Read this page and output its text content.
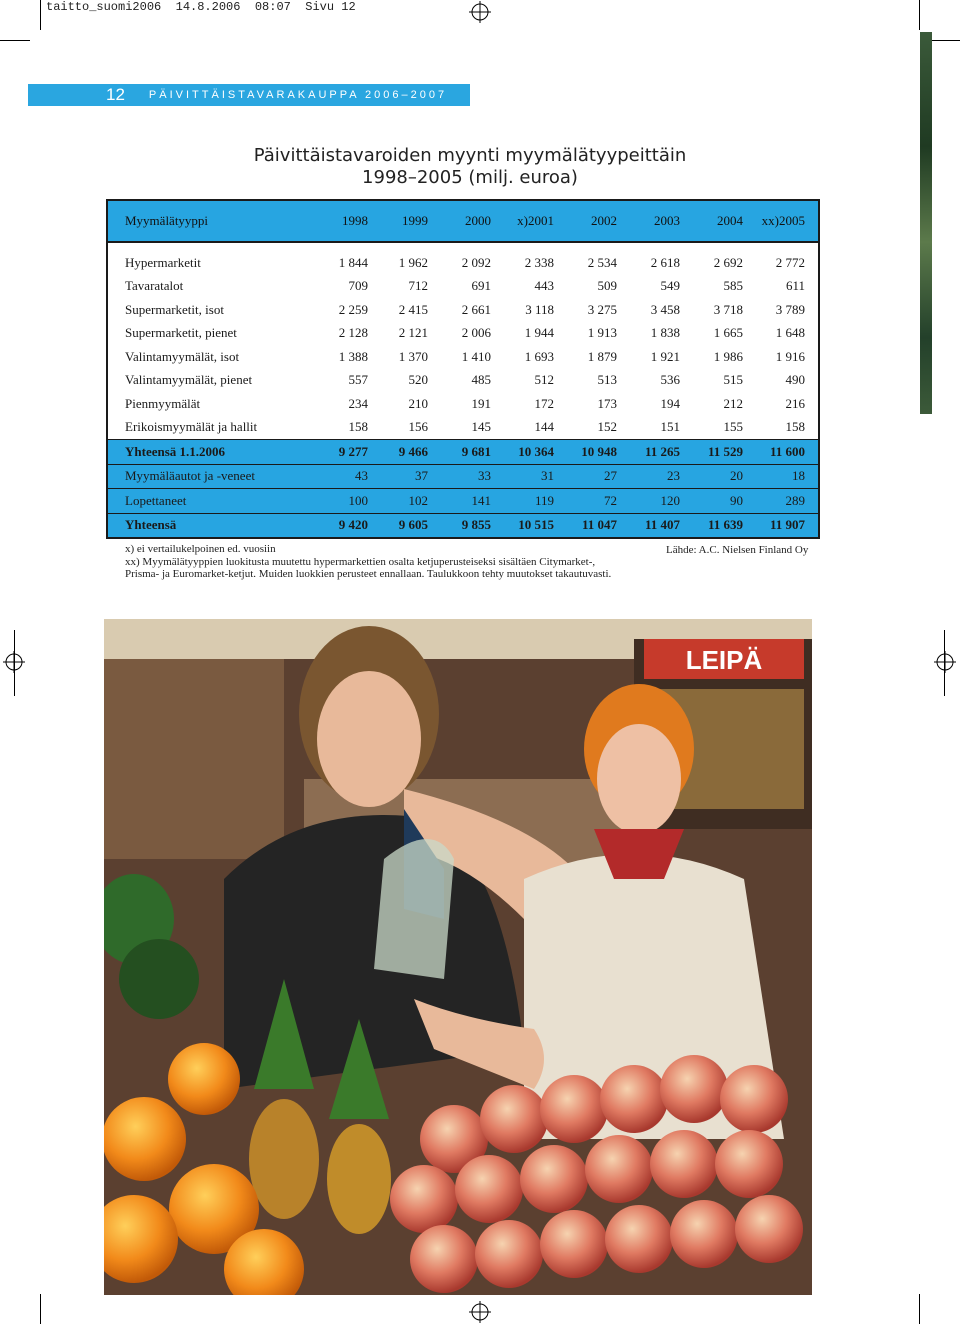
taitto_suomi2006 14.8.2006 08:07 Sivu 12
12 PÄIVITTÄISTAVARAKAUPPA 2006–2007
Päivittäistavaroiden myynti myymälätyypeittäin
1998–2005 (milj. euroa)
Myymälätyyppi	1998	1999	2000	x)2001	2002	2003	2004	xx)2005
Hypermarketit	1 844	1 962	2 092	2 338	2 534	2 618	2 692	2 772
Tavaratalot	709	712	691	443	509	549	585	611
Supermarketit, isot	2 259	2 415	2 661	3 118	3 275	3 458	3 718	3 789
Supermarketit, pienet	2 128	2 121	2 006	1 944	1 913	1 838	1 665	1 648
Valintamyymälät, isot	1 388	1 370	1 410	1 693	1 879	1 921	1 986	1 916
Valintamyymälät, pienet	557	520	485	512	513	536	515	490
Pienmyymälät	234	210	191	172	173	194	212	216
Erikoismyymälät ja hallit	158	156	145	144	152	151	155	158
Yhteensä 1.1.2006	9 277	9 466	9 681	10 364	10 948	11 265	11 529	11 600
Myymäläautot ja -veneet	43	37	33	31	27	23	20	18
Lopettaneet	100	102	141	119	72	120	90	289
Yhteensä	9 420	9 605	9 855	10 515	11 047	11 407	11 639	11 907
x) ei vertailukelpoinen ed. vuosiin
xx) Myymälätyyppien luokitusta muutettu hypermarkettien osalta ketjuperusteiseksi sisältäen Citymarket-,
Prisma- ja Euromarket-ketjut. Muiden luokkien perusteet ennallaan. Taulukkoon tehty muutokset takautuvasti.
Lähde: A.C. Nielsen Finland Oy
LEIPÄ
